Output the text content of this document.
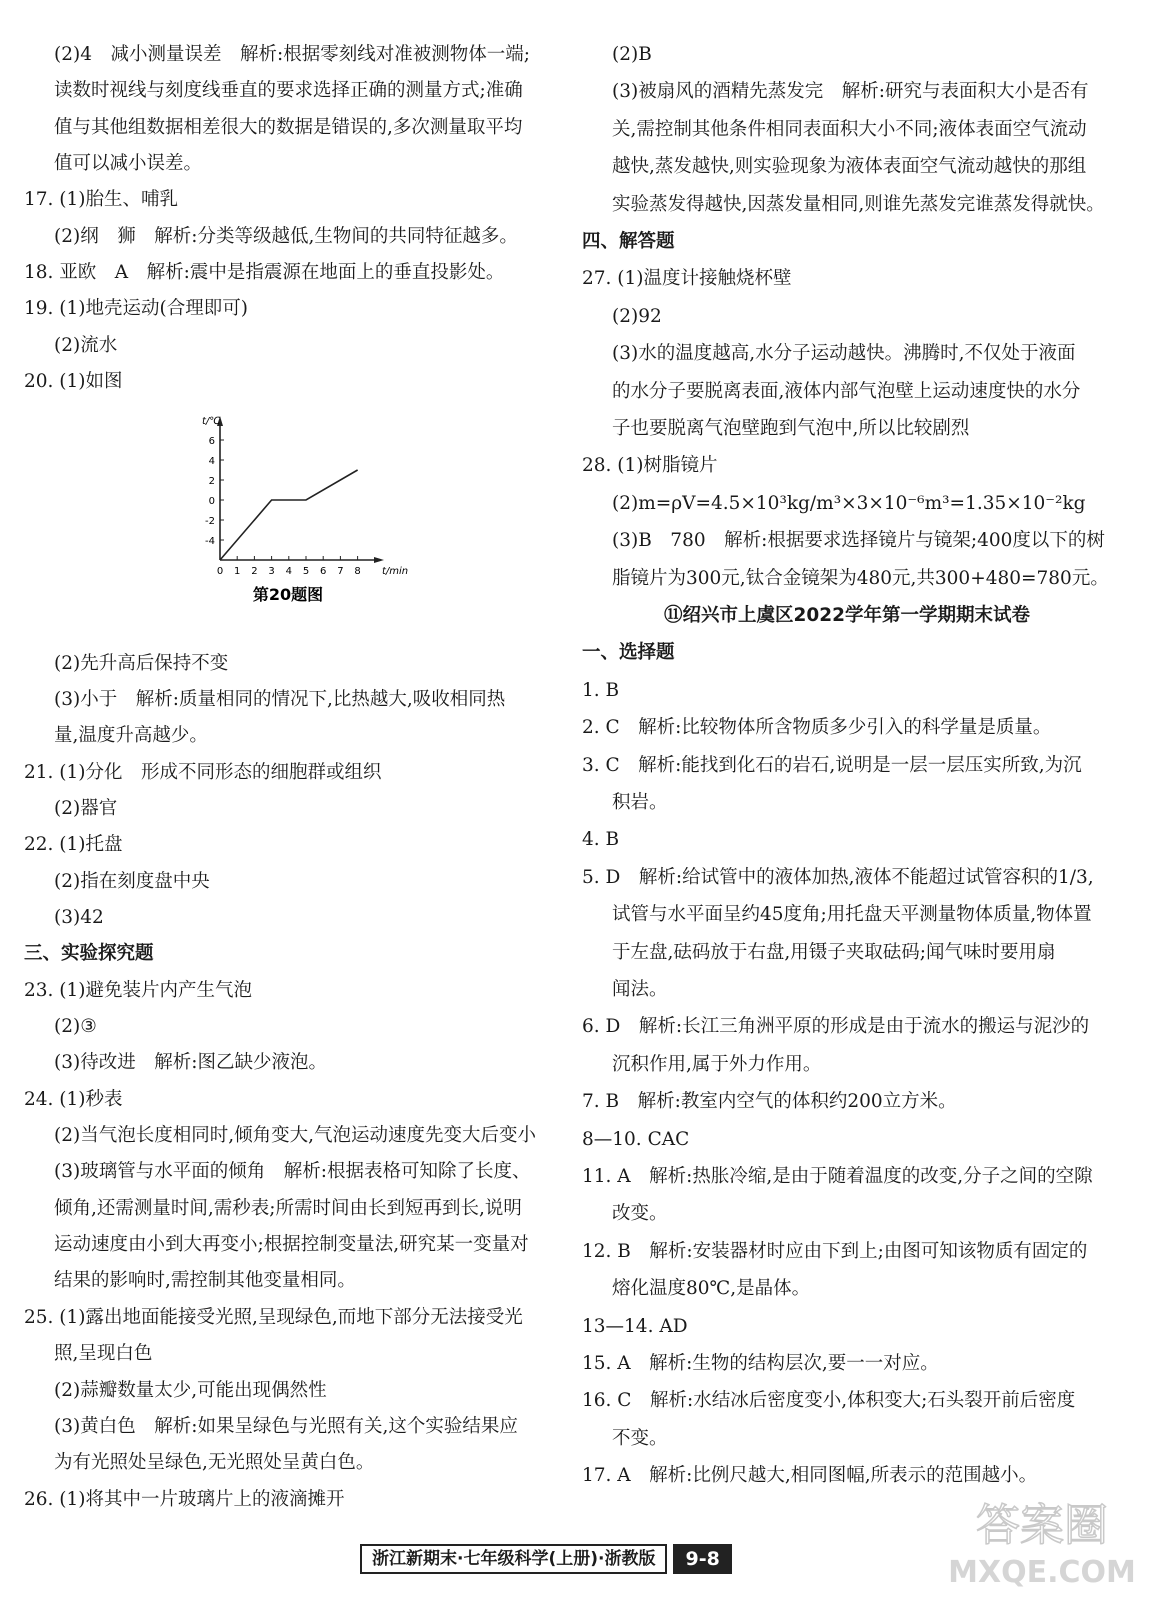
(2)4　减小测量误差　解析:根据零刻线对准被测物体一端;
读数时视线与刻度线垂直的要求选择正确的测量方式;准确
值与其他组数据相差很大的数据是错误的,多次测量取平均
值可以减小误差。
17. (1)胎生、哺乳
(2)纲　狮　解析:分类等级越低,生物间的共同特征越多。
18. 亚欧　A　解析:震中是指震源在地面上的垂直投影处。
19. (1)地壳运动(合理即可)
(2)流水
20. (1)如图
(2)先升高后保持不变
(3)小于　解析:质量相同的情况下,比热越大,吸收相同热
量,温度升高越少。
21. (1)分化　形成不同形态的细胞群或组织
(2)器官
22. (1)托盘
(2)指在刻度盘中央
(3)42
三、实验探究题
23. (1)避免装片内产生气泡
(2)③
(3)待改进　解析:图乙缺少液泡。
24. (1)秒表
(2)当气泡长度相同时,倾角变大,气泡运动速度先变大后变小
(3)玻璃管与水平面的倾角　解析:根据表格可知除了长度、
倾角,还需测量时间,需秒表;所需时间由长到短再到长,说明
运动速度由小到大再变小;根据控制变量法,研究某一变量对
结果的影响时,需控制其他变量相同。
25. (1)露出地面能接受光照,呈现绿色,而地下部分无法接受光
照,呈现白色
(2)蒜瓣数量太少,可能出现偶然性
(3)黄白色　解析:如果呈绿色与光照有关,这个实验结果应
为有光照处呈绿色,无光照处呈黄白色。
26. (1)将其中一片玻璃片上的液滴摊开
(2)B
(3)被扇风的酒精先蒸发完　解析:研究与表面积大小是否有
关,需控制其他条件相同表面积大小不同;液体表面空气流动
越快,蒸发越快,则实验现象为液体表面空气流动越快的那组
实验蒸发得越快,因蒸发量相同,则谁先蒸发完谁蒸发得就快。
四、解答题
27. (1)温度计接触烧杯壁
(2)92
(3)水的温度越高,水分子运动越快。沸腾时,不仅处于液面
的水分子要脱离表面,液体内部气泡壁上运动速度快的水分
子也要脱离气泡壁跑到气泡中,所以比较剧烈
28. (1)树脂镜片
(2)m=ρV=4.5×10³kg/m³×3×10⁻⁶m³=1.35×10⁻²kg
(3)B　780　解析:根据要求选择镜片与镜架;400度以下的树
脂镜片为300元,钛合金镜架为480元,共300+480=780元。
⑪绍兴市上虞区2022学年第一学期期末试卷
一、选择题
1. B
2. C　解析:比较物体所含物质多少引入的科学量是质量。
3. C　解析:能找到化石的岩石,说明是一层一层压实所致,为沉
积岩。
4. B
5. D　解析:给试管中的液体加热,液体不能超过试管容积的1/3,
试管与水平面呈约45度角;用托盘天平测量物体质量,物体置
于左盘,砝码放于右盘,用镊子夹取砝码;闻气味时要用扇
闻法。
6. D　解析:长江三角洲平原的形成是由于流水的搬运与泥沙的
沉积作用,属于外力作用。
7. B　解析:教室内空气的体积约200立方米。
8—10. CAC
11. A　解析:热胀冷缩,是由于随着温度的改变,分子之间的空隙
改变。
12. B　解析:安装器材时应由下到上;由图可知该物质有固定的
熔化温度80℃,是晶体。
13—14. AD
15. A　解析:生物的结构层次,要一一对应。
16. C　解析:水结冰后密度变小,体积变大;石头裂开前后密度
不变。
17. A　解析:比例尺越大,相同图幅,所表示的范围越小。
0 1 2 3 4 5 6 7 8
-4
-2
0
2
4
6
t/℃
t/min
第20题图
浙江新期末·七年级科学(上册)·浙教版	9-8
答案圈
MXQE.COM
